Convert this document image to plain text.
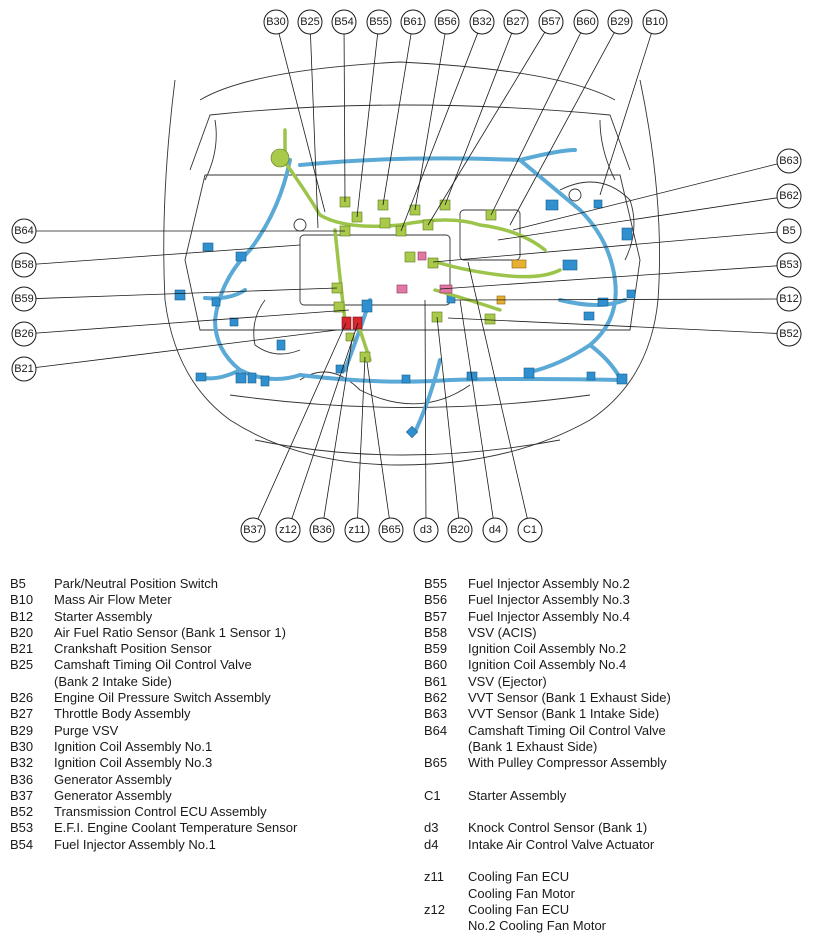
B30 B25 B54 B55 B61 B56 B32 B27 B57 B60 B29 B10
B64
B58
B59
B26
B21
B63
B62
B5
B53
B12
B52
B37 z12 B36 z11 B65 d3 B20 d4 C1
B5	Park/Neutral Position Switch
B10	Mass Air Flow Meter
B12	Starter Assembly
B20	Air Fuel Ratio Sensor (Bank 1 Sensor 1)
B21	Crankshaft Position Sensor
B25	Camshaft Timing Oil Control Valve
(Bank 2 Intake Side)
B26	Engine Oil Pressure Switch Assembly
B27	Throttle Body Assembly
B29	Purge VSV
B30	Ignition Coil Assembly No.1
B32	Ignition Coil Assembly No.3
B36	Generator Assembly
B37	Generator Assembly
B52	Transmission Control ECU Assembly
B53	E.F.I. Engine Coolant Temperature Sensor
B54	Fuel Injector Assembly No.1
B55	Fuel Injector Assembly No.2
B56	Fuel Injector Assembly No.3
B57	Fuel Injector Assembly No.4
B58	VSV (ACIS)
B59	Ignition Coil Assembly No.2
B60	Ignition Coil Assembly No.4
B61	VSV (Ejector)
B62	VVT Sensor (Bank 1 Exhaust Side)
B63	VVT Sensor (Bank 1 Intake Side)
B64	Camshaft Timing Oil Control Valve
(Bank 1 Exhaust Side)
B65	With Pulley Compressor Assembly
C1	Starter Assembly
d3	Knock Control Sensor (Bank 1)
d4	Intake Air Control Valve Actuator
z11	Cooling Fan ECU
Cooling Fan Motor
z12	Cooling Fan ECU
No.2 Cooling Fan Motor
